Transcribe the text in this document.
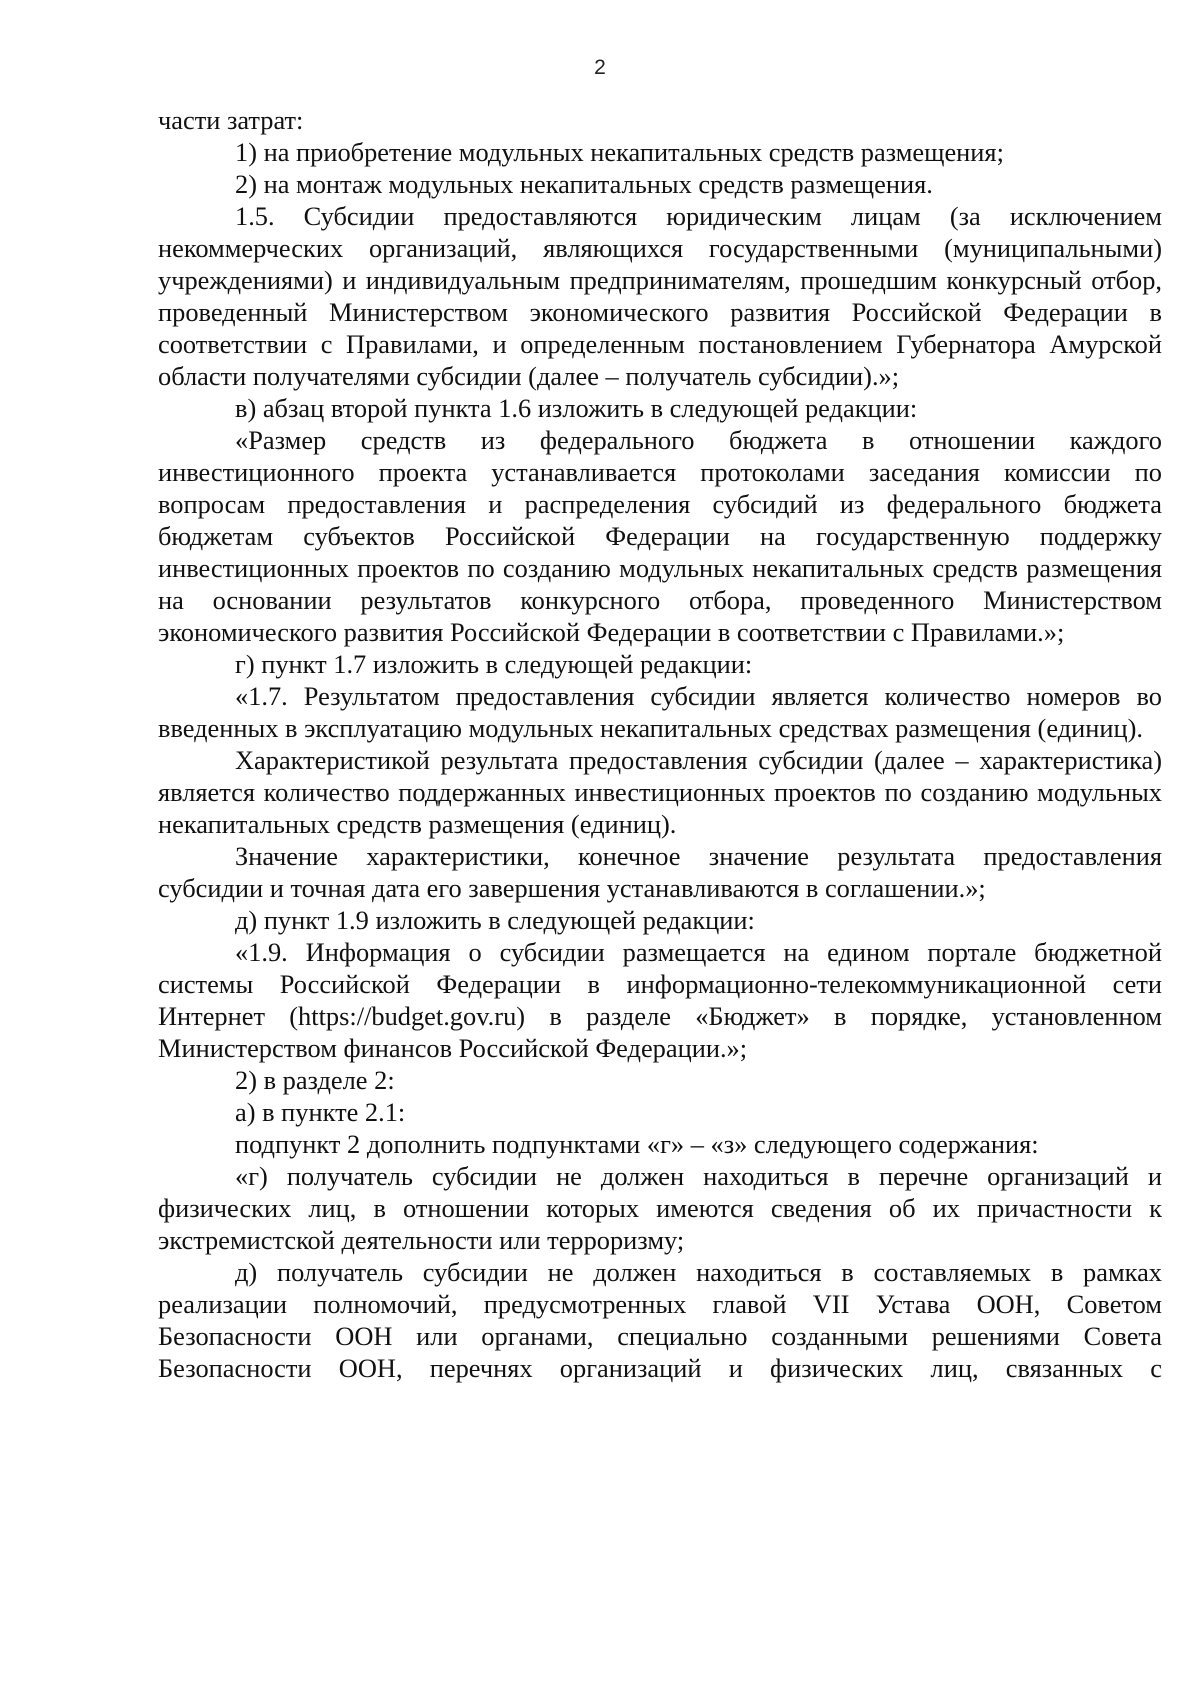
2

части затрат:

1) на приобретение модульных некапитальных средств размещения;

2) на монтаж модульных некапитальных средств размещения.

1.5. Субсидии предоставляются юридическим лицам (за исключением некоммерческих организаций, являющихся государственными (муниципальными) учреждениями) и индивидуальным предпринимателям, прошедшим конкурсный отбор, проведенный Министерством экономического развития Российской Федерации в соответствии с Правилами, и определенным постановлением Губернатора Амурской области получателями субсидии (далее – получатель субсидии).»;

в) абзац второй пункта 1.6 изложить в следующей редакции:

«Размер средств из федерального бюджета в отношении каждого инвестиционного проекта устанавливается протоколами заседания комиссии по вопросам предоставления и распределения субсидий из федерального бюджета бюджетам субъектов Российской Федерации на государственную поддержку инвестиционных проектов по созданию модульных некапитальных средств размещения на основании результатов конкурсного отбора, проведенного Министерством экономического развития Российской Федерации в соответствии с Правилами.»;

г) пункт 1.7 изложить в следующей редакции:

«1.7. Результатом предоставления субсидии является количество номеров во введенных в эксплуатацию модульных некапитальных средствах размещения (единиц).

Характеристикой результата предоставления субсидии (далее – характеристика) является количество поддержанных инвестиционных проектов по созданию модульных некапитальных средств размещения (единиц).

Значение характеристики, конечное значение результата предоставления субсидии и точная дата его завершения устанавливаются в соглашении.»;

д) пункт 1.9 изложить в следующей редакции:

«1.9. Информация о субсидии размещается на едином портале бюджетной системы Российской Федерации в информационно-телекоммуникационной сети Интернет (https://budget.gov.ru) в разделе «Бюджет» в порядке, установленном Министерством финансов Российской Федерации.»;

2) в разделе 2:

а) в пункте 2.1:

подпункт 2 дополнить подпунктами «г» – «з» следующего содержания:

«г) получатель субсидии не должен находиться в перечне организаций и физических лиц, в отношении которых имеются сведения об их причастности к экстремистской деятельности или терроризму;

д) получатель субсидии не должен находиться в составляемых в рамках реализации полномочий, предусмотренных главой VII Устава ООН, Советом Безопасности ООН или органами, специально созданными решениями Совета Безопасности ООН, перечнях организаций и физических лиц, связанных с
